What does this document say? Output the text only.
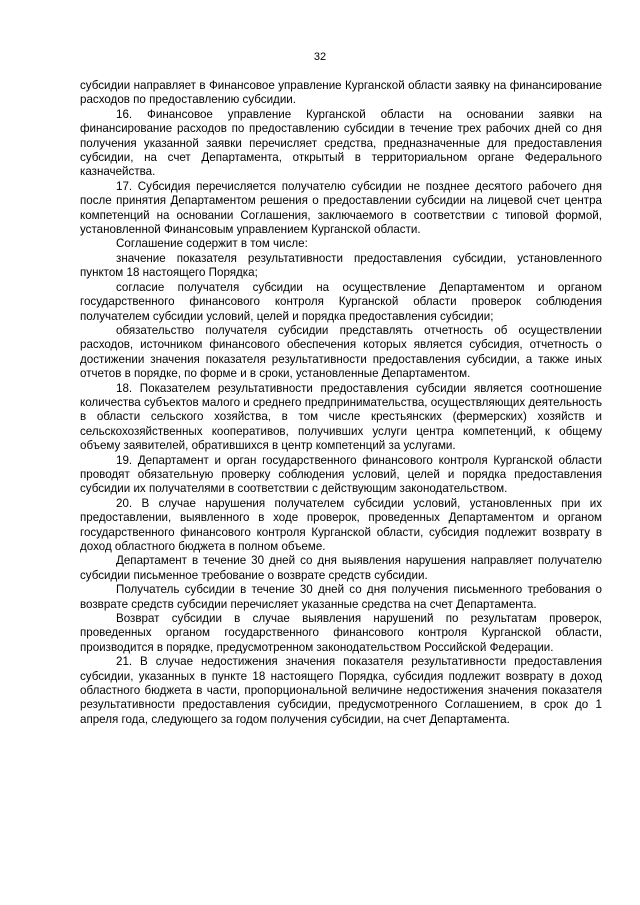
32

субсидии направляет в Финансовое управление Курганской области заявку на финансирование расходов по предоставлению субсидии.

16. Финансовое управление Курганской области на основании заявки на финансирование расходов по предоставлению субсидии в течение трех рабочих дней со дня получения указанной заявки перечисляет средства, предназначенные для предоставления субсидии, на счет Департамента, открытый в территориальном органе Федерального казначейства.

17. Субсидия перечисляется получателю субсидии не позднее десятого рабочего дня после принятия Департаментом решения о предоставлении субсидии на лицевой счет центра компетенций на основании Соглашения, заключаемого в соответствии с типовой формой, установленной Финансовым управлением Курганской области.

Соглашение содержит в том числе:

значение показателя результативности предоставления субсидии, установленного пунктом 18 настоящего Порядка;

согласие получателя субсидии на осуществление Департаментом и органом государственного финансового контроля Курганской области проверок соблюдения получателем субсидии условий, целей и порядка предоставления субсидии;

обязательство получателя субсидии представлять отчетность об осуществлении расходов, источником финансового обеспечения которых является субсидия, отчетность о достижении значения показателя результативности предоставления субсидии, а также иных отчетов в порядке, по форме и в сроки, установленные Департаментом.

18. Показателем результативности предоставления субсидии является соотношение количества субъектов малого и среднего предпринимательства, осуществляющих деятельность в области сельского хозяйства, в том числе крестьянских (фермерских) хозяйств и сельскохозяйственных кооперативов, получивших услуги центра компетенций, к общему объему заявителей, обратившихся в центр компетенций за услугами.

19. Департамент и орган государственного финансового контроля Курганской области проводят обязательную проверку соблюдения условий, целей и порядка предоставления субсидии их получателями в соответствии с действующим законодательством.

20. В случае нарушения получателем субсидии условий, установленных при их предоставлении, выявленного в ходе проверок, проведенных Департаментом и органом государственного финансового контроля Курганской области, субсидия подлежит возврату в доход областного бюджета в полном объеме.

Департамент в течение 30 дней со дня выявления нарушения направляет получателю субсидии письменное требование о возврате средств субсидии.

Получатель субсидии в течение 30 дней со дня получения письменного требования о возврате средств субсидии перечисляет указанные средства на счет Департамента.

Возврат субсидии в случае выявления нарушений по результатам проверок, проведенных органом государственного финансового контроля Курганской области, производится в порядке, предусмотренном законодательством Российской Федерации.

21. В случае недостижения значения показателя результативности предоставления субсидии, указанных в пункте 18 настоящего Порядка, субсидия подлежит возврату в доход областного бюджета в части, пропорциональной величине недостижения значения показателя результативности предоставления субсидии, предусмотренного Соглашением, в срок до 1 апреля года, следующего за годом получения субсидии, на счет Департамента.
